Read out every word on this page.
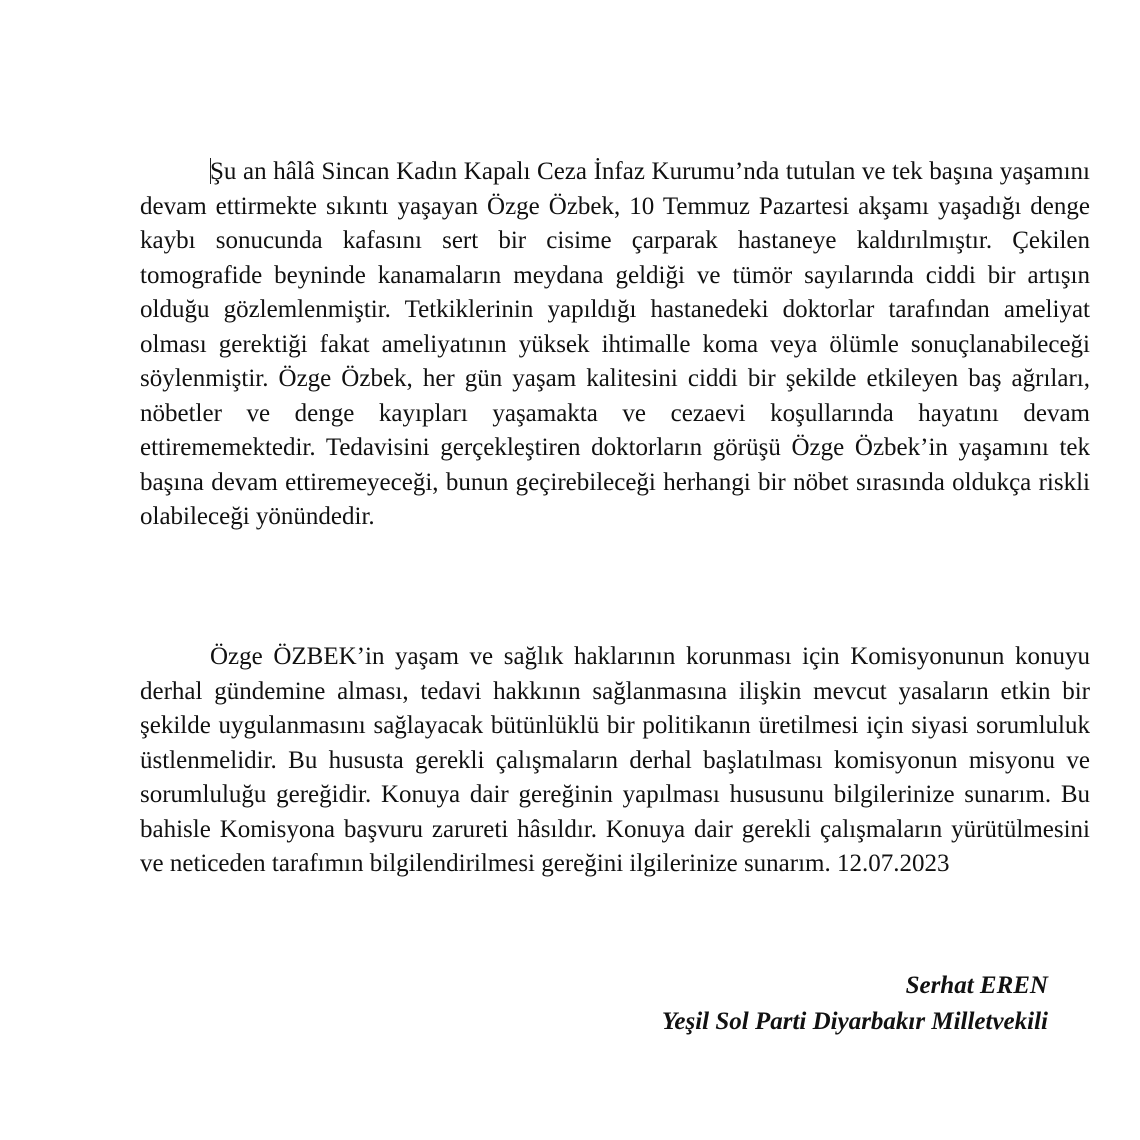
Şu an hâlâ Sincan Kadın Kapalı Ceza İnfaz Kurumu’nda tutulan ve tek başına yaşamını devam ettirmekte sıkıntı yaşayan Özge Özbek, 10 Temmuz Pazartesi akşamı yaşadığı denge kaybı sonucunda kafasını sert bir cisime çarparak hastaneye kaldırılmıştır. Çekilen tomografide beyninde kanamaların meydana geldiği ve tümör sayılarında ciddi bir artışın olduğu gözlemlenmiştir. Tetkiklerinin yapıldığı hastanedeki doktorlar tarafından ameliyat olması gerektiği fakat ameliyatının yüksek ihtimalle koma veya ölümle sonuçlanabileceği söylenmiştir. Özge Özbek, her gün yaşam kalitesini ciddi bir şekilde etkileyen baş ağrıları, nöbetler ve denge kayıpları yaşamakta ve cezaevi koşullarında hayatını devam ettirememektedir. Tedavisini gerçekleştiren doktorların görüşü Özge Özbek’in yaşamını tek başına devam ettiremeyeceği, bunun geçirebileceği herhangi bir nöbet sırasında oldukça riskli olabileceği yönündedir.

Özge ÖZBEK’in yaşam ve sağlık haklarının korunması için Komisyonunun konuyu derhal gündemine alması, tedavi hakkının sağlanmasına ilişkin mevcut yasaların etkin bir şekilde uygulanmasını sağlayacak bütünlüklü bir politikanın üretilmesi için siyasi sorumluluk üstlenmelidir. Bu hususta gerekli çalışmaların derhal başlatılması komisyonun misyonu ve sorumluluğu gereğidir. Konuya dair gereğinin yapılması hususunu bilgilerinize sunarım. Bu bahisle Komisyona başvuru zarureti hâsıldır. Konuya dair gerekli çalışmaların yürütülmesini ve neticeden tarafımın bilgilendirilmesi gereğini ilgilerinize sunarım. 12.07.2023

Serhat EREN
Yeşil Sol Parti Diyarbakır Milletvekili
